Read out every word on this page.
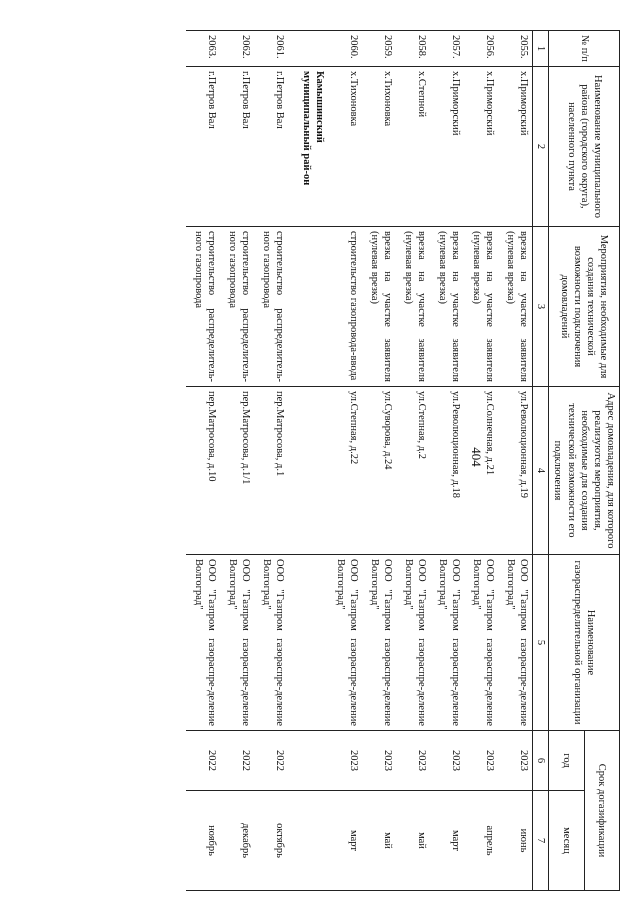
404
№ п/п	Наименование муниципального района (городского округа), населенного пункта	Мероприятия, необходимые для создания технической возможности подключения домовладений	Адрес домовладения, для которого реализуются мероприятия, необходимые для создания технической возможности его подключения	Наименование газораспределительной организации	Срок догазификации	
					год	месяц
1	2	3	4	5	6	7
2055.	х.Приморский	врезка на участке заявителя (нулевая врезка)	ул.Революционная, д.19	ООО "Газпром газораспре-деление Волгоград"	2023	июнь
2056.	х.Приморский	врезка на участке заявителя (нулевая врезка)	ул.Солнечная, д.21	ООО "Газпром газораспре-деление Волгоград"	2023	апрель
2057.	х.Приморский	врезка на участке заявителя (нулевая врезка)	ул.Революционная, д.18	ООО "Газпром газораспре-деление Волгоград"	2023	март
2058.	х.Степной	врезка на участке заявителя (нулевая врезка)	ул.Степная, д.2	ООО "Газпром газораспре-деление Волгоград"	2023	май
2059.	х.Тихоновка	врезка на участке заявителя (нулевая врезка)	ул.Суворова, д.24	ООО "Газпром газораспре-деление Волгоград"	2023	май
2060.	х.Тихоновка	строительство газопровода-ввода	ул.Степная, д.22	ООО "Газпром газораспре-деление Волгоград"	2023	март
	Камышинский муниципальный рай-он					
2061.	г.Петров Вал	строительство распределитель-ного газопровода	пер.Матросова, д.1	ООО "Газпром газораспре-деление Волгоград"	2022	октябрь
2062.	г.Петров Вал	строительство распределитель-ного газопровода	пер.Матросова, д.1/1	ООО "Газпром газораспре-деление Волгоград"	2022	декабрь
2063.	г.Петров Вал	строительство распределитель-ного газопровода	пер.Матросова, д.10	ООО "Газпром газораспре-деление Волгоград"	2022	ноябрь
